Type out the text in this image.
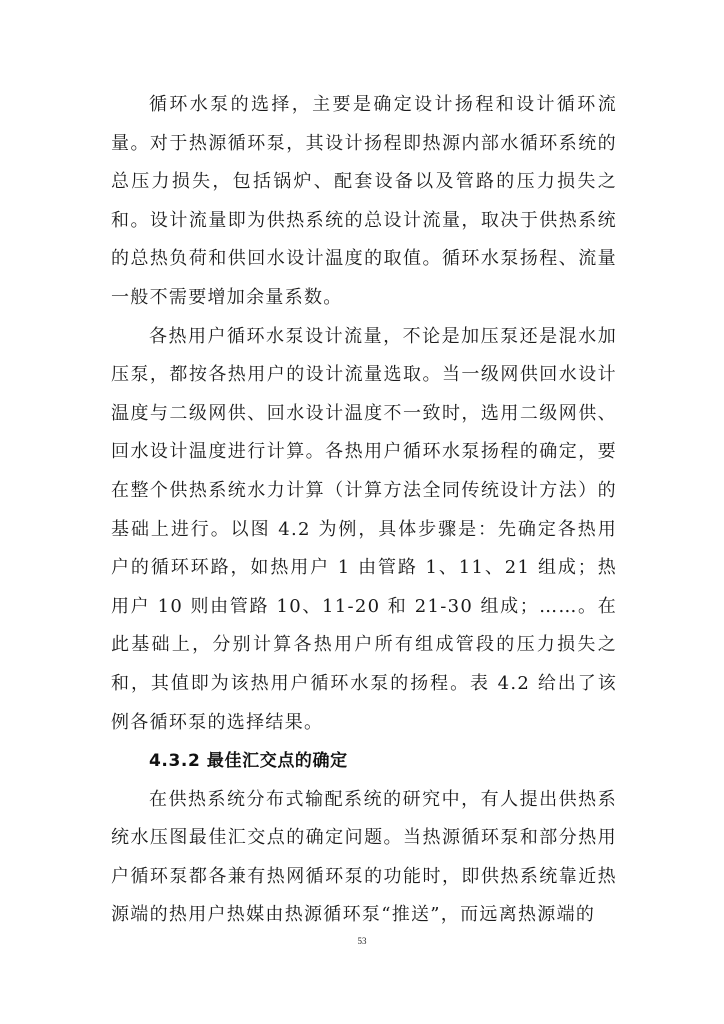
循环水泵的选择，主要是确定设计扬程和设计循环流量。对于热源循环泵，其设计扬程即热源内部水循环系统的总压力损失，包括锅炉、配套设备以及管路的压力损失之和。设计流量即为供热系统的总设计流量，取决于供热系统的总热负荷和供回水设计温度的取值。循环水泵扬程、流量一般不需要增加余量系数。

各热用户循环水泵设计流量，不论是加压泵还是混水加压泵，都按各热用户的设计流量选取。当一级网供回水设计温度与二级网供、回水设计温度不一致时，选用二级网供、回水设计温度进行计算。各热用户循环水泵扬程的确定，要在整个供热系统水力计算（计算方法全同传统设计方法）的基础上进行。以图 4.2 为例，具体步骤是：先确定各热用户的循环环路，如热用户 1 由管路 1、11、21 组成；热用户 10 则由管路 10、11-20 和 21-30 组成；……。在此基础上，分别计算各热用户所有组成管段的压力损失之和，其值即为该热用户循环水泵的扬程。表 4.2 给出了该例各循环泵的选择结果。

4.3.2 最佳汇交点的确定

在供热系统分布式输配系统的研究中，有人提出供热系统水压图最佳汇交点的确定问题。当热源循环泵和部分热用户循环泵都各兼有热网循环泵的功能时，即供热系统靠近热源端的热用户热媒由热源循环泵“推送”，而远离热源端的

53
